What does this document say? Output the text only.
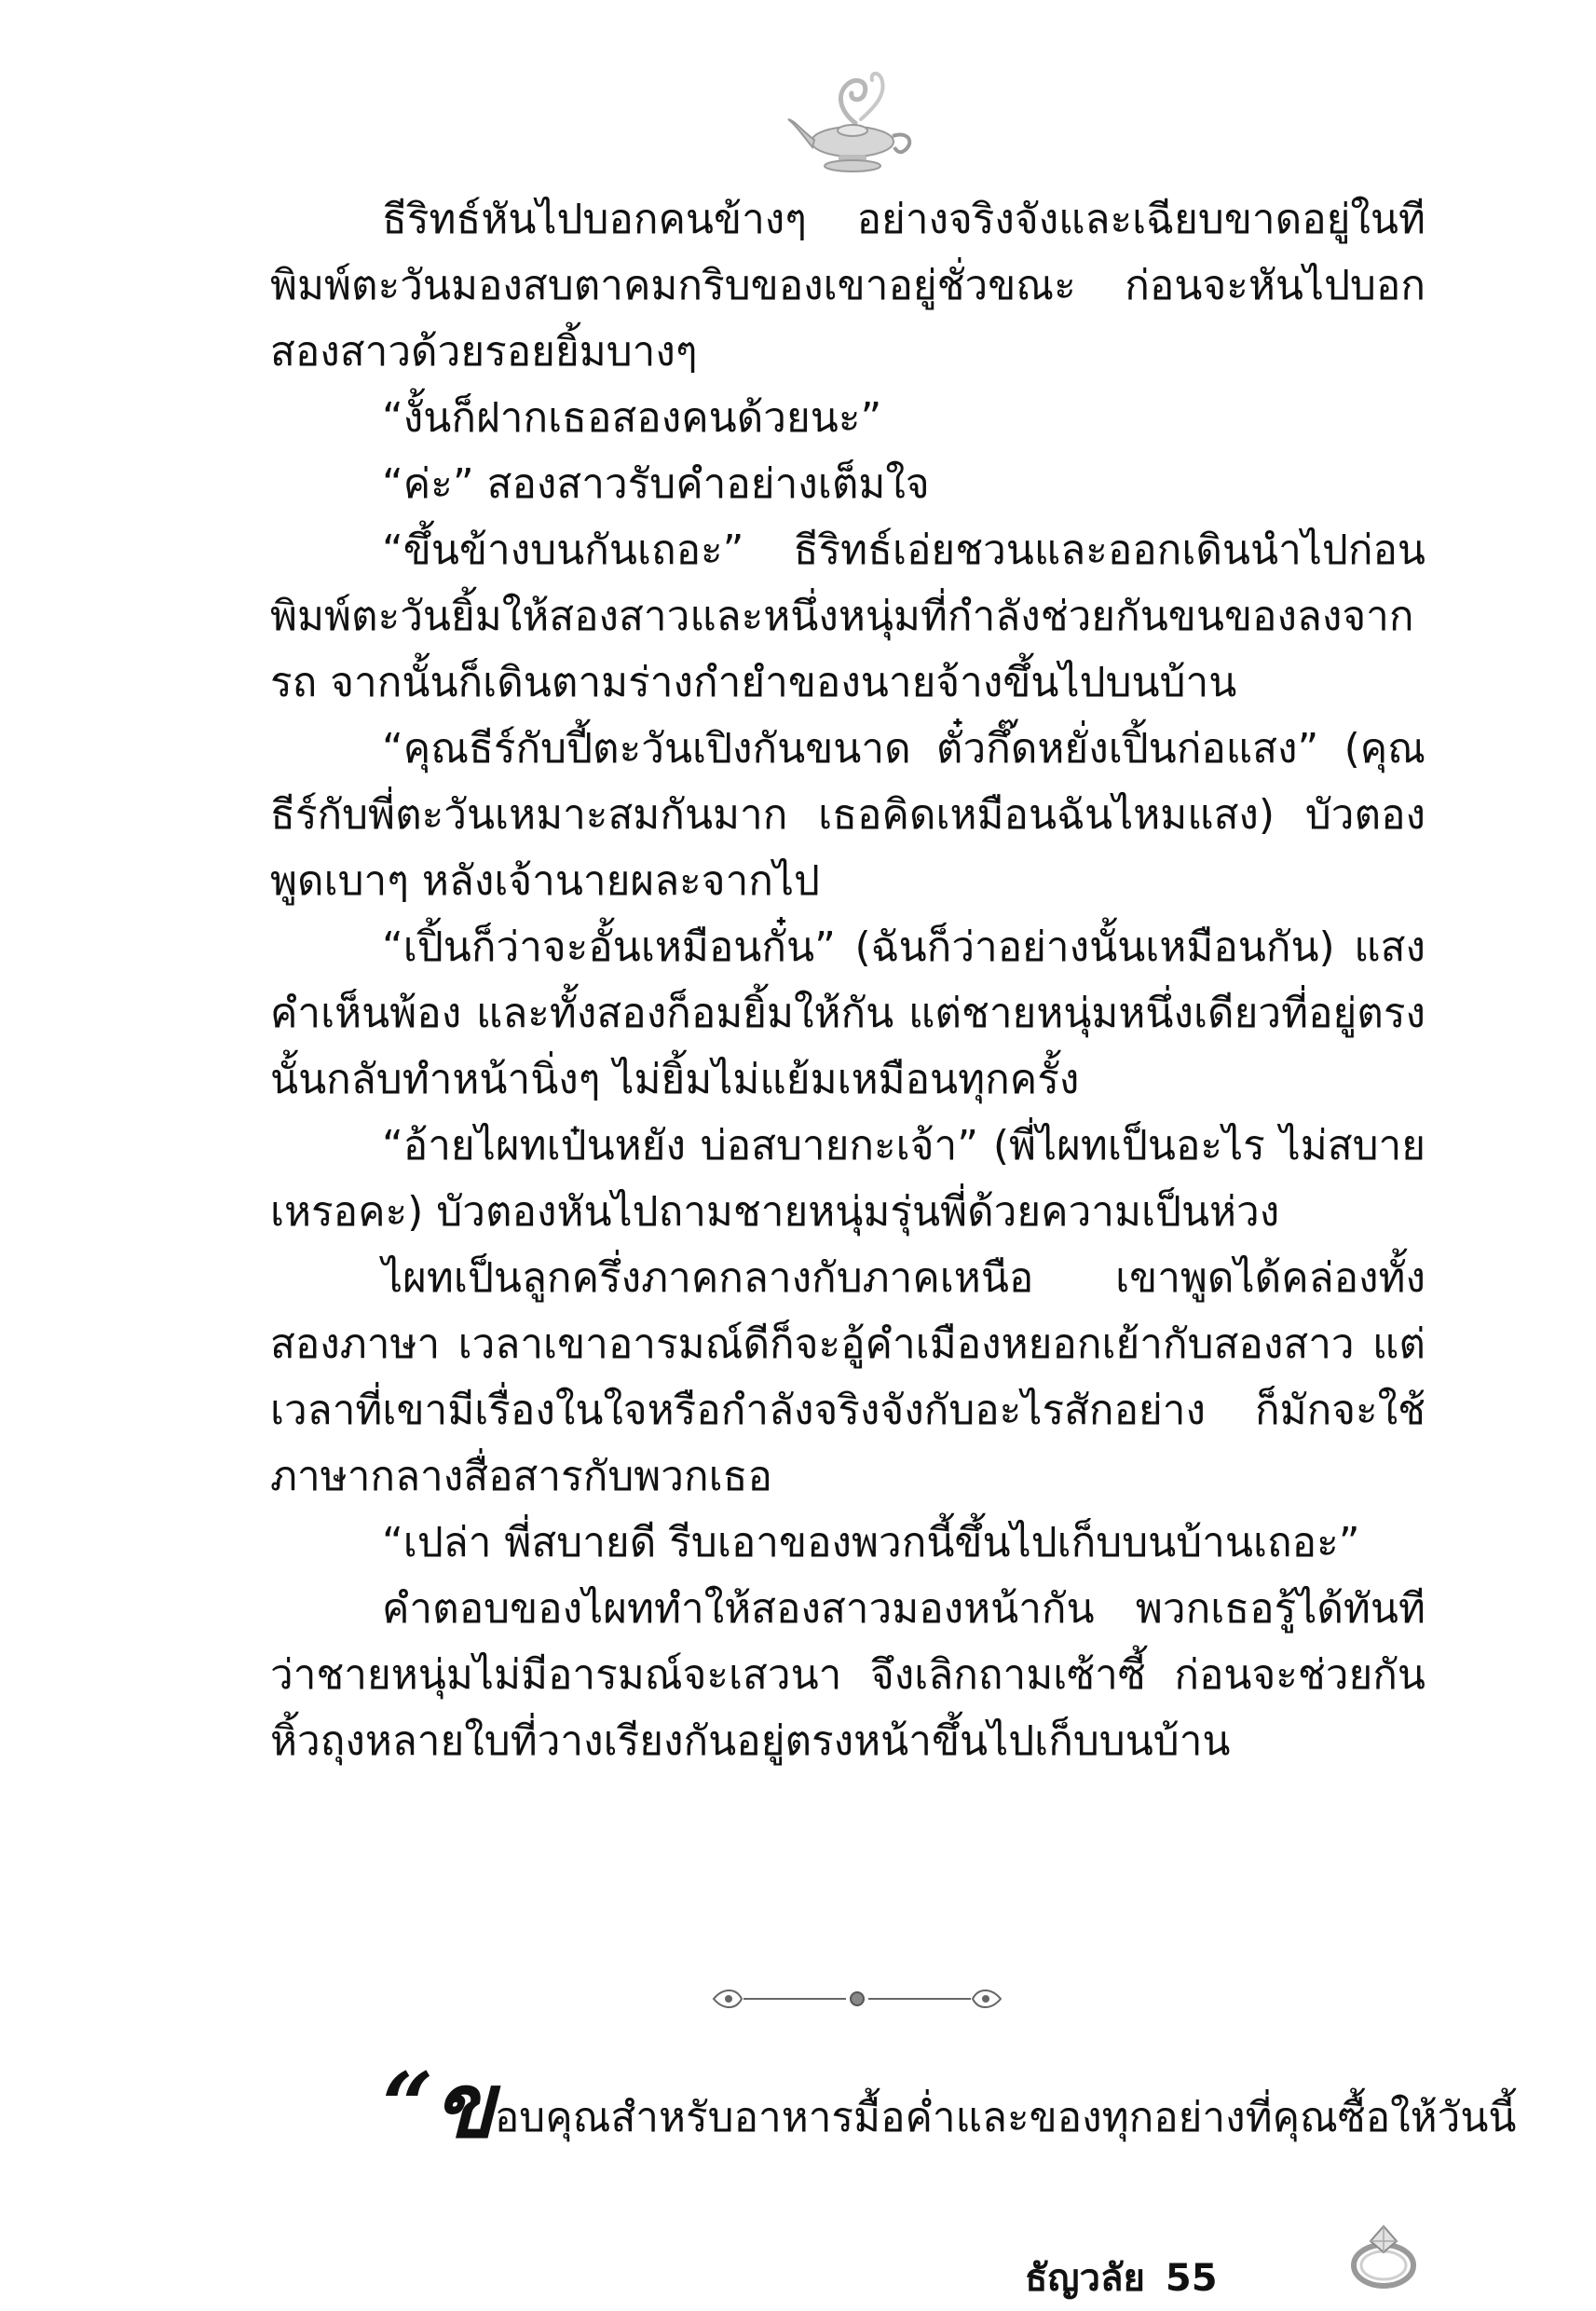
ธีริทธ์หันไปบอกคนข้างๆ อย่างจริงจังและเฉียบขาดอยู่ในที พิมพ์ตะวันมองสบตาคมกริบของเขาอยู่ชั่วขณะ ก่อนจะหันไปบอกสองสาวด้วยรอยยิ้มบางๆ

“งั้นก็ฝากเธอสองคนด้วยนะ”

“ค่ะ” สองสาวรับคำอย่างเต็มใจ

“ขึ้นข้างบนกันเถอะ” ธีริทธ์เอ่ยชวนและออกเดินนำไปก่อน พิมพ์ตะวันยิ้มให้สองสาวและหนึ่งหนุ่มที่กำลังช่วยกันขนของลงจากรถ จากนั้นก็เดินตามร่างกำยำของนายจ้างขึ้นไปบนบ้าน

“คุณธีร์กับปี้ตะวันเปิงกันขนาด ตั๋วกึ๊ดหยั่งเปิ้นก่อแสง” (คุณธีร์กับพี่ตะวันเหมาะสมกันมาก เธอคิดเหมือนฉันไหมแสง) บัวตองพูดเบาๆ หลังเจ้านายผละจากไป

“เปิ้นก็ว่าจะอั้นเหมือนกั๋น” (ฉันก็ว่าอย่างนั้นเหมือนกัน) แสงคำเห็นพ้อง และทั้งสองก็อมยิ้มให้กัน แต่ชายหนุ่มหนึ่งเดียวที่อยู่ตรงนั้นกลับทำหน้านิ่งๆ ไม่ยิ้มไม่แย้มเหมือนทุกครั้ง

“อ้ายไผทเป๋นหยัง บ่อสบายกะเจ้า” (พี่ไผทเป็นอะไร ไม่สบายเหรอคะ) บัวตองหันไปถามชายหนุ่มรุ่นพี่ด้วยความเป็นห่วง

ไผทเป็นลูกครึ่งภาคกลางกับภาคเหนือ เขาพูดได้คล่องทั้งสองภาษา เวลาเขาอารมณ์ดีก็จะอู้คำเมืองหยอกเย้ากับสองสาว แต่เวลาที่เขามีเรื่องในใจหรือกำลังจริงจังกับอะไรสักอย่าง ก็มักจะใช้ภาษากลางสื่อสารกับพวกเธอ

“เปล่า พี่สบายดี รีบเอาของพวกนี้ขึ้นไปเก็บบนบ้านเถอะ”

คำตอบของไผททำให้สองสาวมองหน้ากัน พวกเธอรู้ได้ทันทีว่าชายหนุ่มไม่มีอารมณ์จะเสวนา จึงเลิกถามเซ้าซี้ ก่อนจะช่วยกันหิ้วถุงหลายใบที่วางเรียงกันอยู่ตรงหน้าขึ้นไปเก็บบนบ้าน

“ขอบคุณสำหรับอาหารมื้อค่ำและของทุกอย่างที่คุณซื้อให้วันนี้
ธัญวลัย 55
